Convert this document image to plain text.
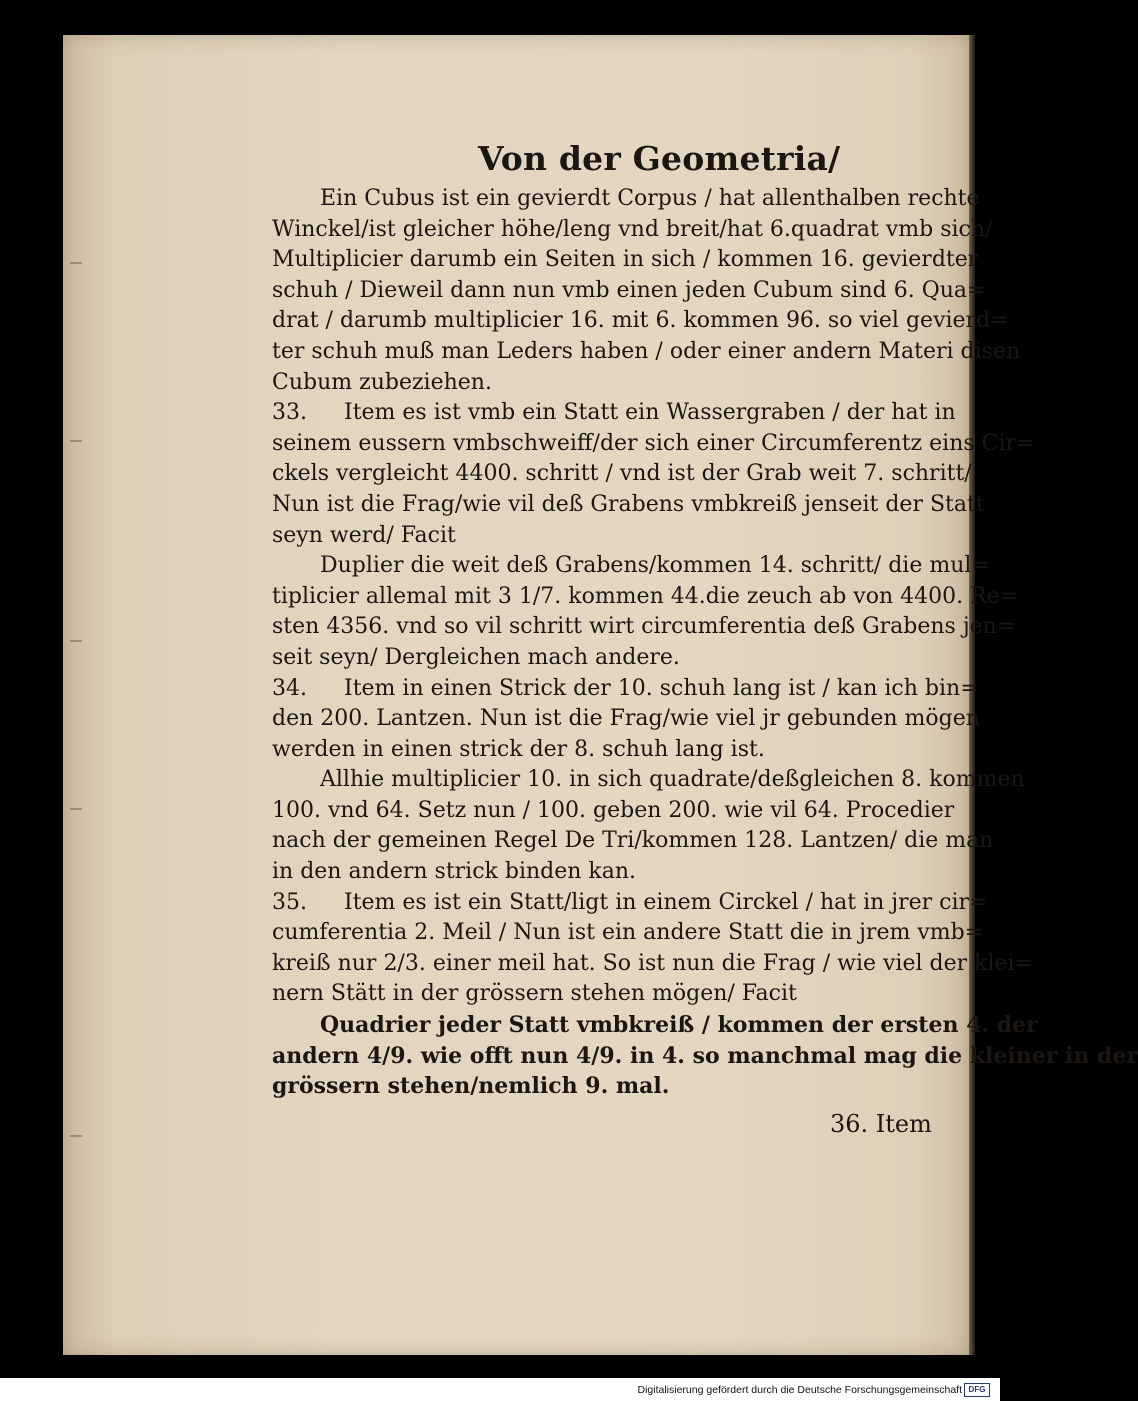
Von der Geometria/
Ein Cubus ist ein gevierdt Corpus / hat allenthalben rechte
Winckel/ist gleicher höhe/leng vnd breit/hat 6.quadrat vmb sich/
Multiplicier darumb ein Seiten in sich / kommen 16. gevierdter
schuh / Dieweil dann nun vmb einen jeden Cubum sind 6. Qua=
drat / darumb multiplicier 16. mit 6. kommen 96. so viel gevierd=
ter schuh muß man Leders haben / oder einer andern Materi disen
Cubum zubeziehen.
33. Item es ist vmb ein Statt ein Wassergraben / der hat in
seinem eussern vmbschweiff/der sich einer Circumferentz eins Cir=
ckels vergleicht 4400. schritt / vnd ist der Grab weit 7. schritt/
Nun ist die Frag/wie vil deß Grabens vmbkreiß jenseit der Statt
seyn werd/ Facit
Duplier die weit deß Grabens/kommen 14. schritt/ die mul=
tiplicier allemal mit 3 1/7. kommen 44.die zeuch ab von 4400. Re=
sten 4356. vnd so vil schritt wirt circumferentia deß Grabens jen=
seit seyn/ Dergleichen mach andere.
34. Item in einen Strick der 10. schuh lang ist / kan ich bin=
den 200. Lantzen. Nun ist die Frag/wie viel jr gebunden mögen
werden in einen strick der 8. schuh lang ist.
Allhie multiplicier 10. in sich quadrate/deßgleichen 8. kommen
100. vnd 64. Setz nun / 100. geben 200. wie vil 64. Procedier
nach der gemeinen Regel De Tri/kommen 128. Lantzen/ die man
in den andern strick binden kan.
35. Item es ist ein Statt/ligt in einem Circkel / hat in jrer cir=
cumferentia 2. Meil / Nun ist ein andere Statt die in jrem vmb=
kreiß nur 2/3. einer meil hat. So ist nun die Frag / wie viel der klei=
nern Stätt in der grössern stehen mögen/ Facit
Quadrier jeder Statt vmbkreiß / kommen der ersten 4. der
andern 4/9. wie offt nun 4/9. in 4. so manchmal mag die kleiner in der
grössern stehen/nemlich 9. mal.
36. Item
Digitalisierung gefördert durch die Deutsche Forschungsgemeinschaft DFG
